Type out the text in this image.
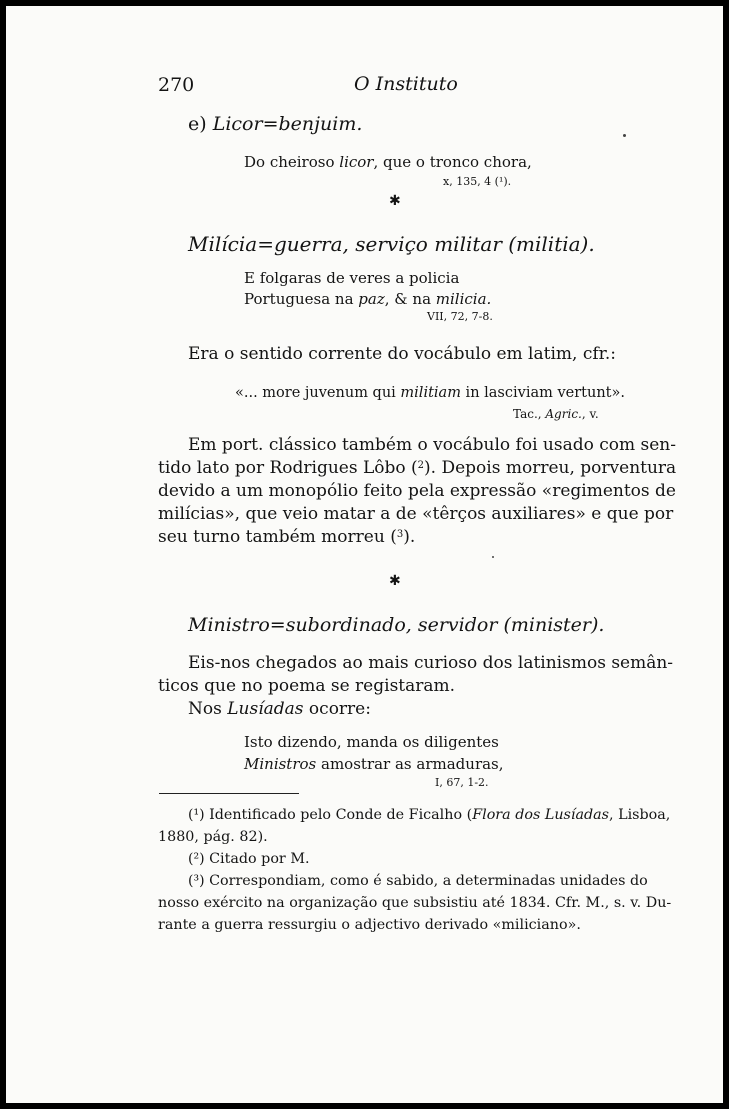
270	O Instituto
e) Licor=benjuim.
Do cheiroso licor, que o tronco chora,
x, 135, 4 (¹).
✱
Milícia=guerra, serviço militar (militia).
E folgaras de veres a policia
Portuguesa na paz, & na milicia.
VII, 72, 7-8.
Era o sentido corrente do vocábulo em latim, cfr.:
«... more juvenum qui militiam in lasciviam vertunt».
Tac., Agric., v.
Em port. clássico também o vocábulo foi usado com sen-
tido lato por Rodrigues Lôbo ($^2$). Depois morreu, porventura
devido a um monopólio feito pela expressão «regimentos de
milícias», que veio matar a de «têrços auxiliares» e que por
seu turno também morreu ($^3$).
✱
Ministro=subordinado, servidor (minister).
Eis-nos chegados ao mais curioso dos latinismos semân-
ticos que no poema se registaram.
Nos Lusíadas ocorre:
Isto dizendo, manda os diligentes
Ministros amostrar as armaduras,
I, 67, 1-2.
(¹) Identificado pelo Conde de Ficalho (Flora dos Lusíadas, Lisboa,
1880, pág. 82).
(²) Citado por M.
(³) Correspondiam, como é sabido, a determinadas unidades do
nosso exército na organização que subsistiu até 1834. Cfr. M., s. v. Du-
rante a guerra ressurgiu o adjectivo derivado «miliciano».
